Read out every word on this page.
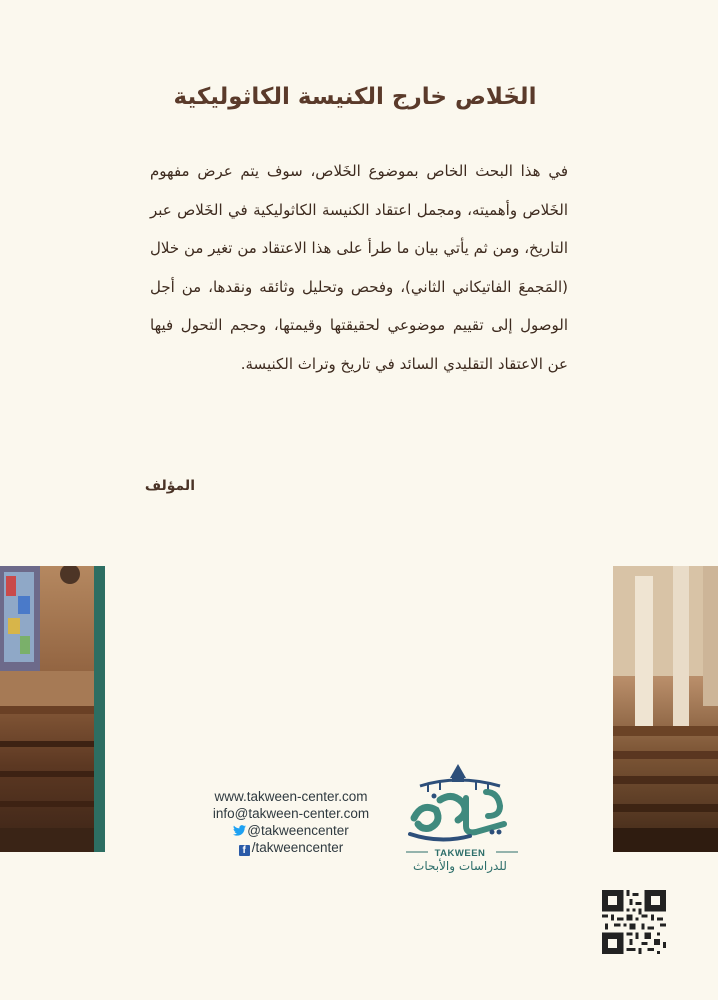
الخَلاص خارج الكنيسة الكاثوليكية

في هذا البحث الخاص بموضوع الخَلاص، سوف يتم عرض مفهوم الخَلاص وأهميته، ومجمل اعتقاد الكنيسة الكاثوليكية في الخَلاص عبر التاريخ، ومن ثم يأتي بيان ما طرأ على هذا الاعتقاد من تغير من خلال (المَجمعَ الفاتيكاني الثاني)، وفحص وتحليل وثائقه ونقدها، من أجل الوصول إلى تقييم موضوعي لحقيقتها وقيمتها، وحجم التحول فيها عن الاعتقاد التقليدي السائد في تاريخ وتراث الكنيسة.

المؤلف
www.takween-center.com
info@takween-center.com
@takweencenter
f /takweencenter	TAKWEEN
للدراسات والأبحاث
